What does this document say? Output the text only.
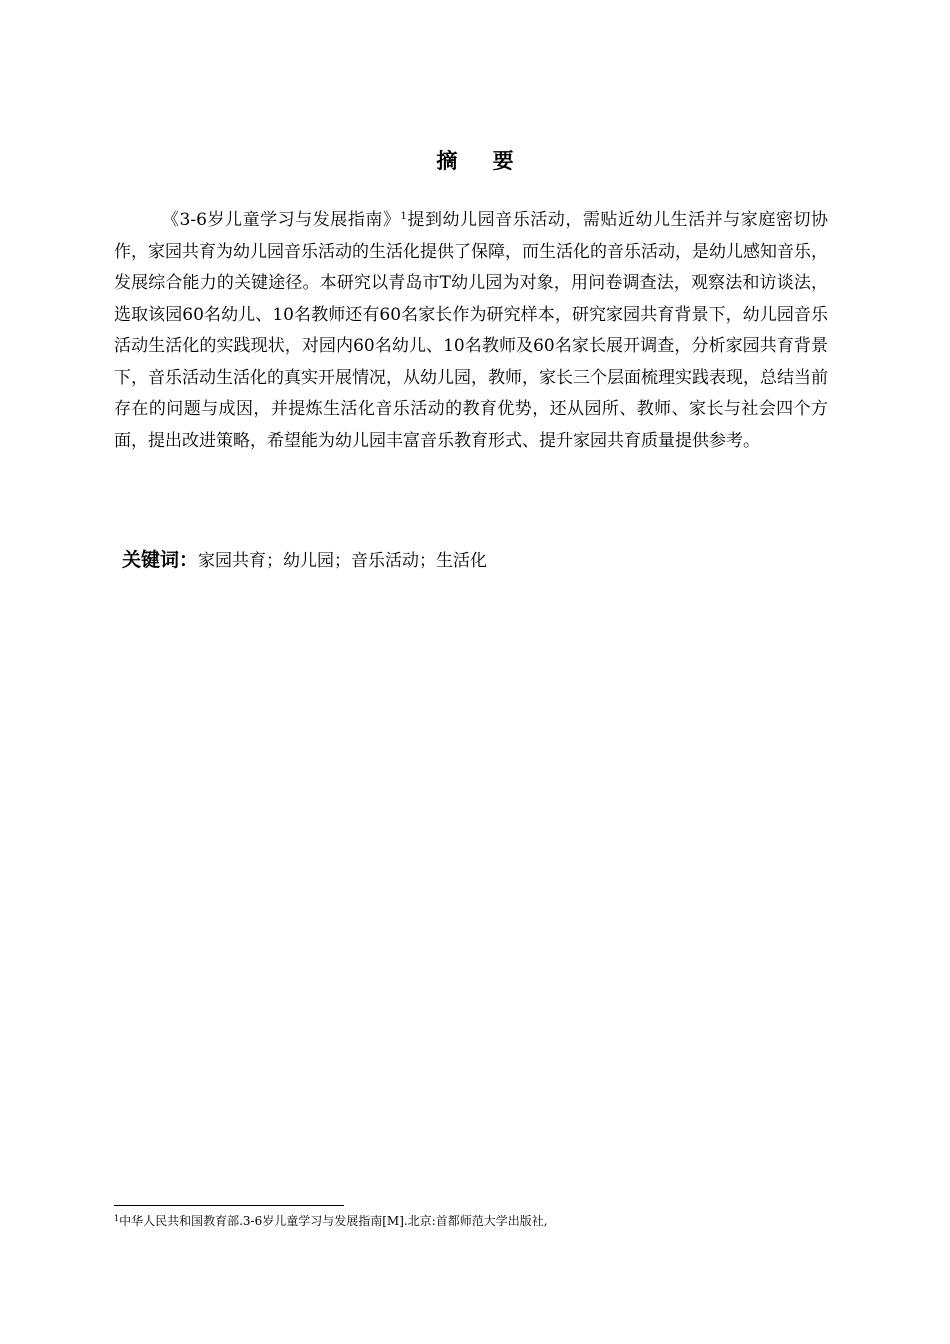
摘 要

《3-6岁儿童学习与发展指南》$^1$提到幼儿园音乐活动，需贴近幼儿生活并与家庭密切协作，家园共育为幼儿园音乐活动的生活化提供了保障，而生活化的音乐活动，是幼儿感知音乐，发展综合能力的关键途径。本研究以青岛市T幼儿园为对象，用问卷调查法，观察法和访谈法，选取该园60名幼儿、10名教师还有60名家长作为研究样本，研究家园共育背景下，幼儿园音乐活动生活化的实践现状，对园内60名幼儿、10名教师及60名家长展开调查，分析家园共育背景下，音乐活动生活化的真实开展情况，从幼儿园，教师，家长三个层面梳理实践表现，总结当前存在的问题与成因，并提炼生活化音乐活动的教育优势，还从园所、教师、家长与社会四个方面，提出改进策略，希望能为幼儿园丰富音乐教育形式、提升家园共育质量提供参考。

关键词：家园共育；幼儿园；音乐活动；生活化
$^1$中华人民共和国教育部.3-6岁儿童学习与发展指南[M].北京:首都师范大学出版社,
